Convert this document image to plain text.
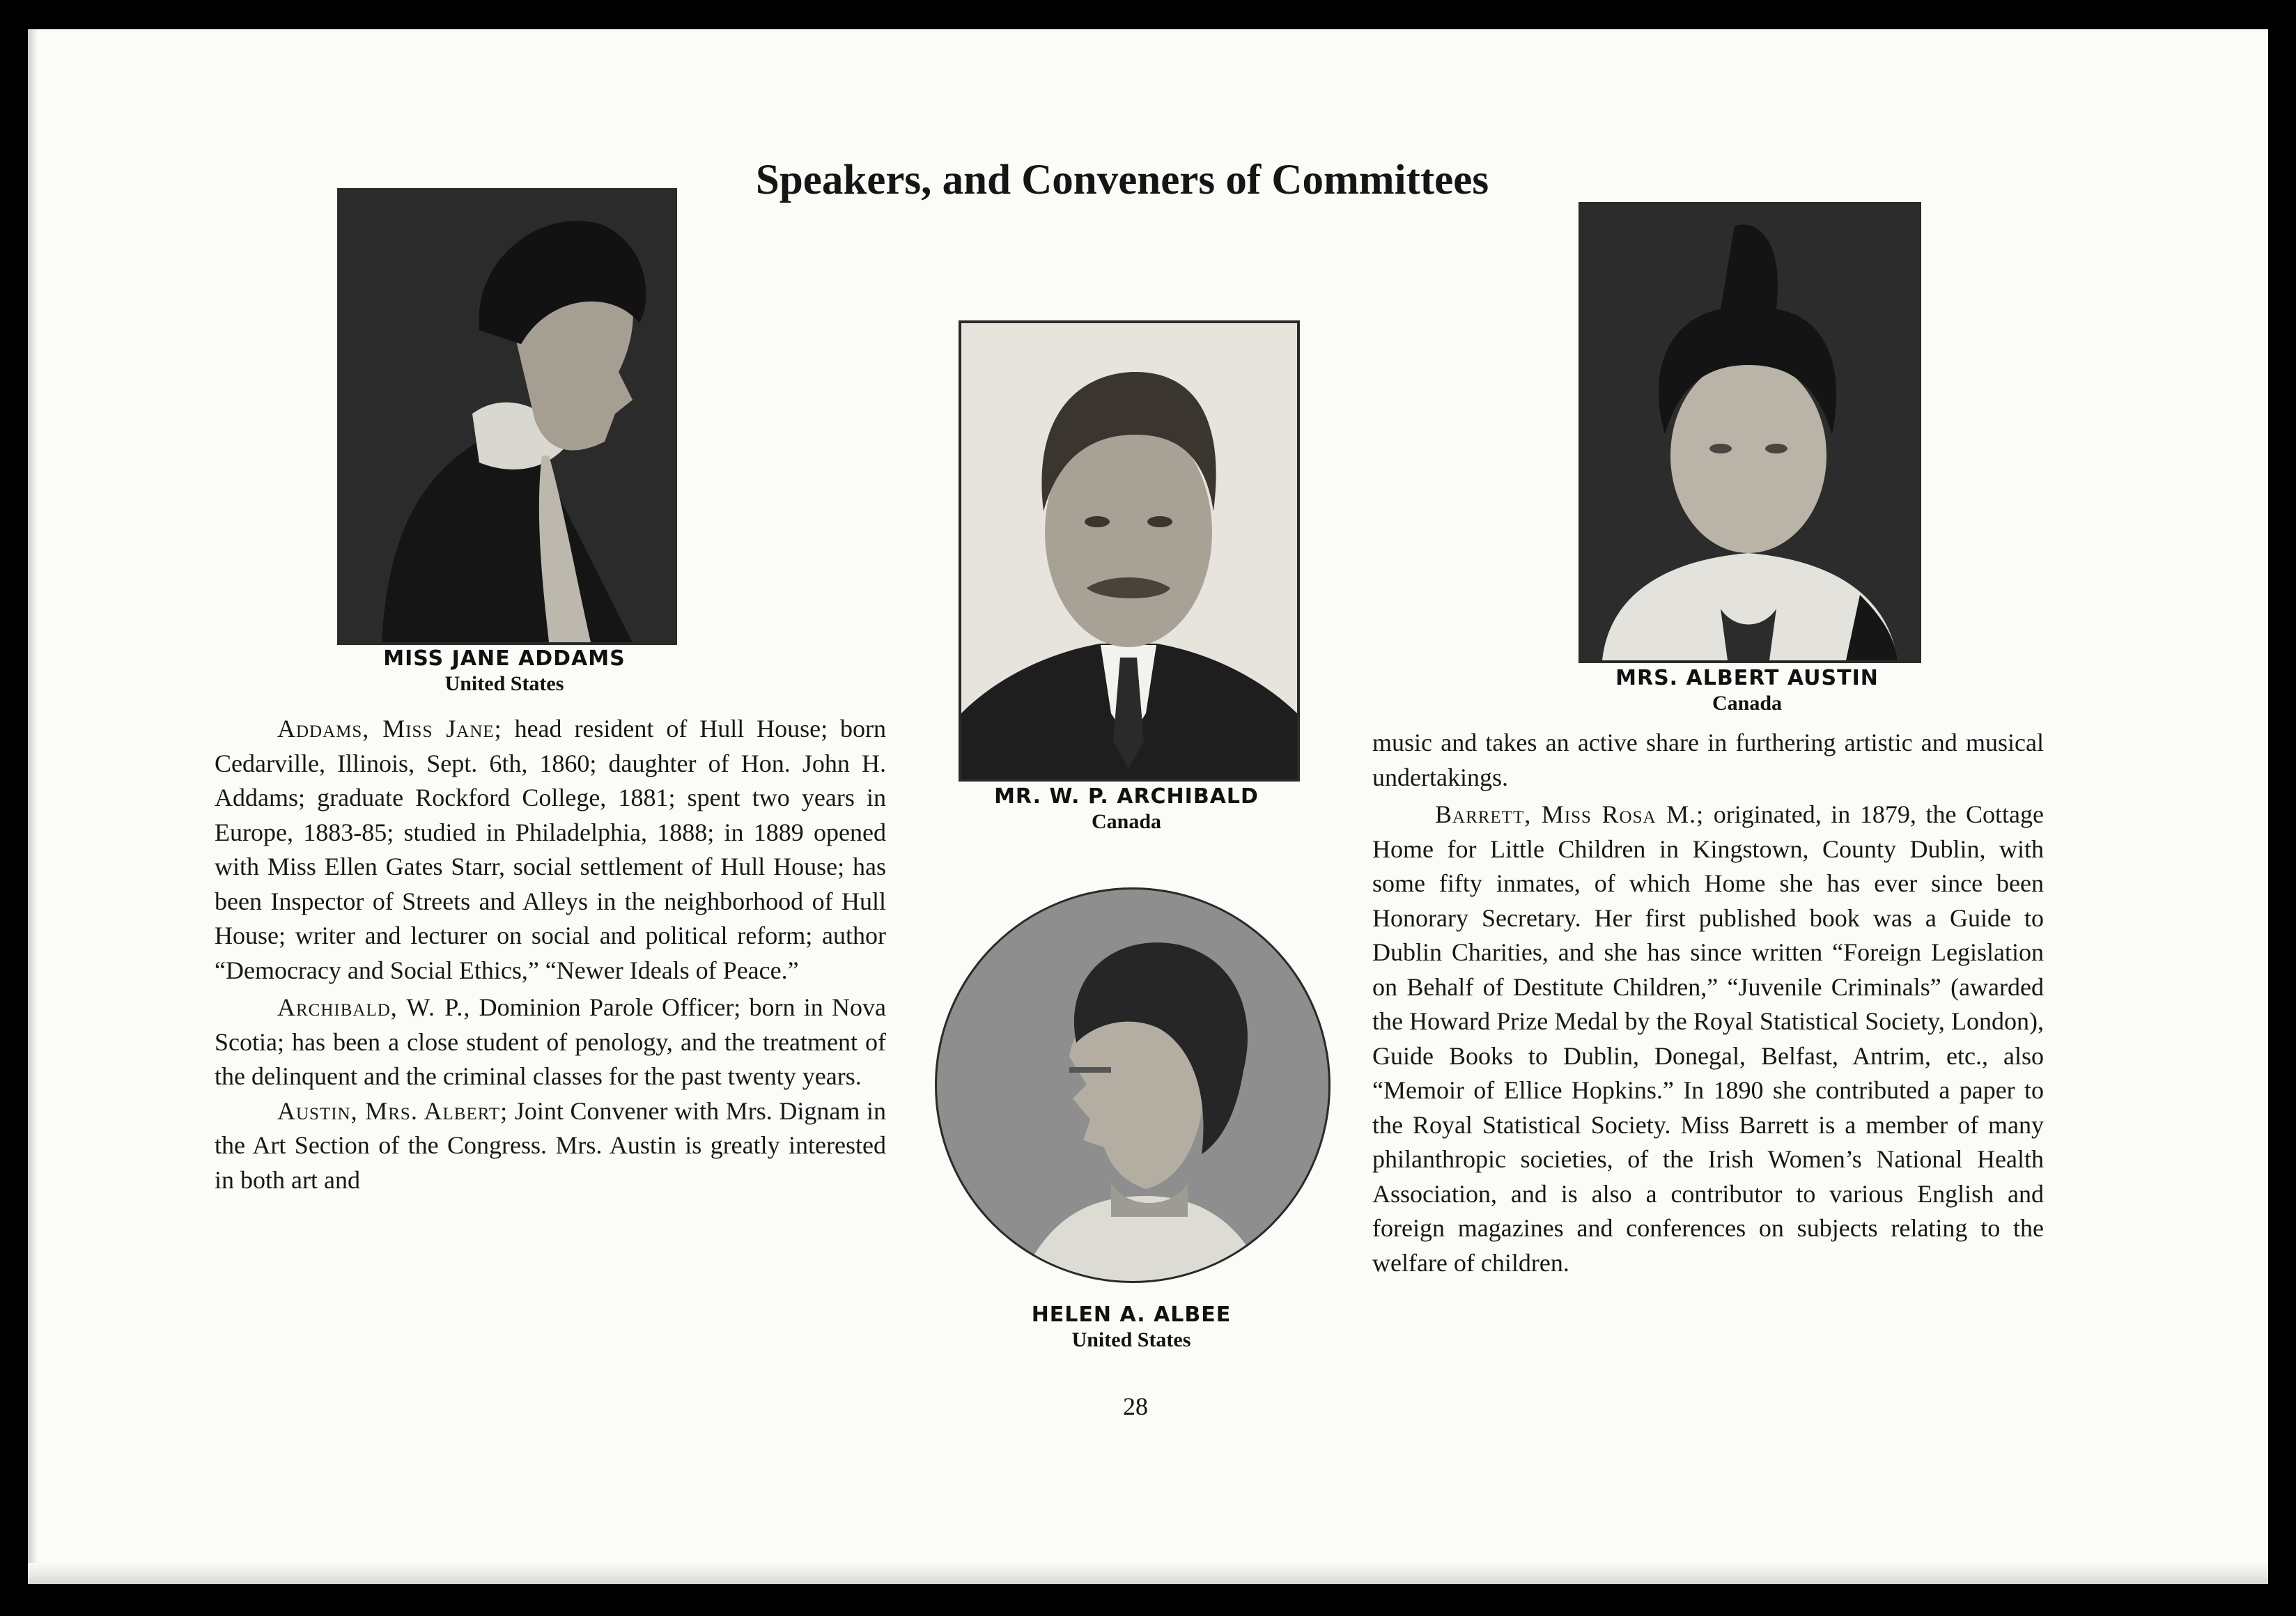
Speakers, and Conveners of Committees
MISS JANE ADDAMS
United States
MR. W. P. ARCHIBALD
Canada
MRS. ALBERT AUSTIN
Canada
HELEN A. ALBEE
United States

Addams, Miss Jane; head resident of Hull House; born Cedarville, Illinois, Sept. 6th, 1860; daughter of Hon. John H. Addams; graduate Rockford College, 1881; spent two years in Europe, 1883-85; studied in Philadelphia, 1888; in 1889 opened with Miss Ellen Gates Starr, social settlement of Hull House; has been Inspector of Streets and Alleys in the neighborhood of Hull House; writer and lecturer on social and political reform; author “Democracy and Social Ethics,” “Newer Ideals of Peace.”

Archibald, W. P., Dominion Parole Officer; born in Nova Scotia; has been a close student of penology, and the treatment of the delinquent and the criminal classes for the past twenty years.

Austin, Mrs. Albert; Joint Convener with Mrs. Dignam in the Art Section of the Congress. Mrs. Austin is greatly interested in both art and

music and takes an active share in furthering artistic and musical undertakings.

Barrett, Miss Rosa M.; originated, in 1879, the Cottage Home for Little Children in Kingstown, County Dublin, with some fifty inmates, of which Home she has ever since been Honorary Secretary. Her first published book was a Guide to Dublin Charities, and she has since written “Foreign Legislation on Behalf of Destitute Children,” “Juvenile Criminals” (awarded the Howard Prize Medal by the Royal Statistical Society, London), Guide Books to Dublin, Donegal, Belfast, Antrim, etc., also “Memoir of Ellice Hopkins.” In 1890 she contributed a paper to the Royal Statistical Society. Miss Barrett is a member of many philanthropic societies, of the Irish Women’s National Health Association, and is also a contributor to various English and foreign magazines and conferences on subjects relating to the welfare of children.

28
